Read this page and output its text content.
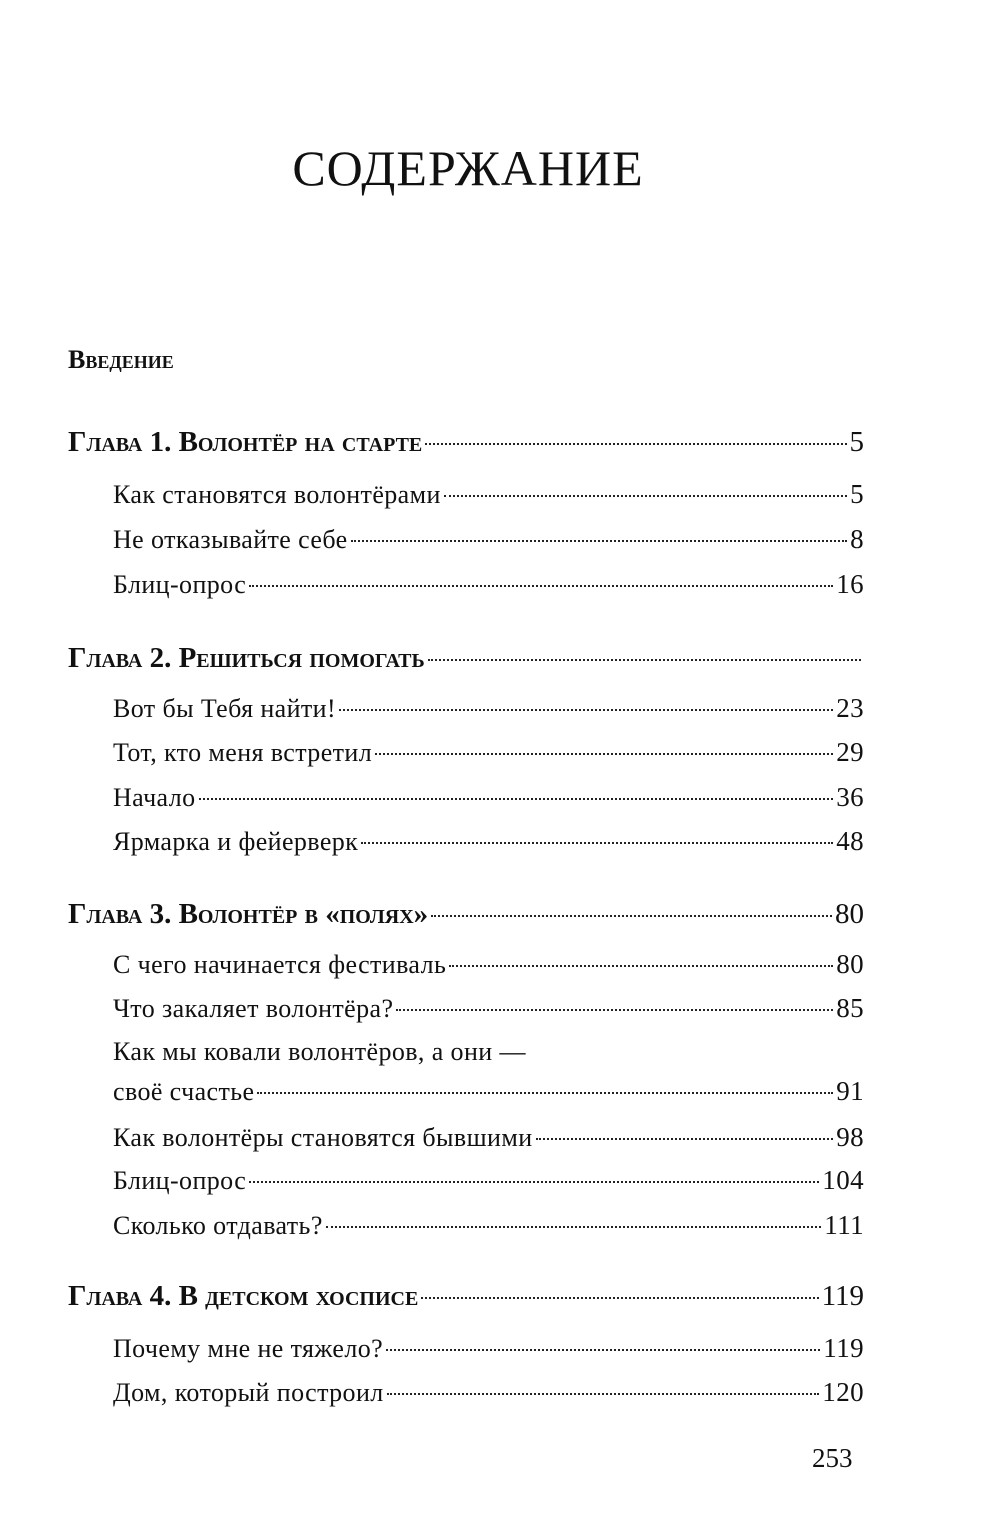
СОДЕРЖАНИЕ
Введение
Глава 1. Волонтёр на старте	5
Как становятся волонтёрами	5
Не отказывайте себе	8
Блиц-опрос	16
Глава 2. Решиться помогать
Вот бы Тебя найти!	23
Тот, кто меня встретил	29
Начало	36
Ярмарка и фейерверк	48
Глава 3. Волонтёр в «полях»	80
С чего начинается фестиваль	80
Что закаляет волонтёра?	85
Как мы ковали волонтёров, а они —
своё счастье	91
Как волонтёры становятся бывшими	98
Блиц-опрос	104
Сколько отдавать?	111
Глава 4. В детском хосписе	119
Почему мне не тяжело?	119
Дом, который построил	120
253
